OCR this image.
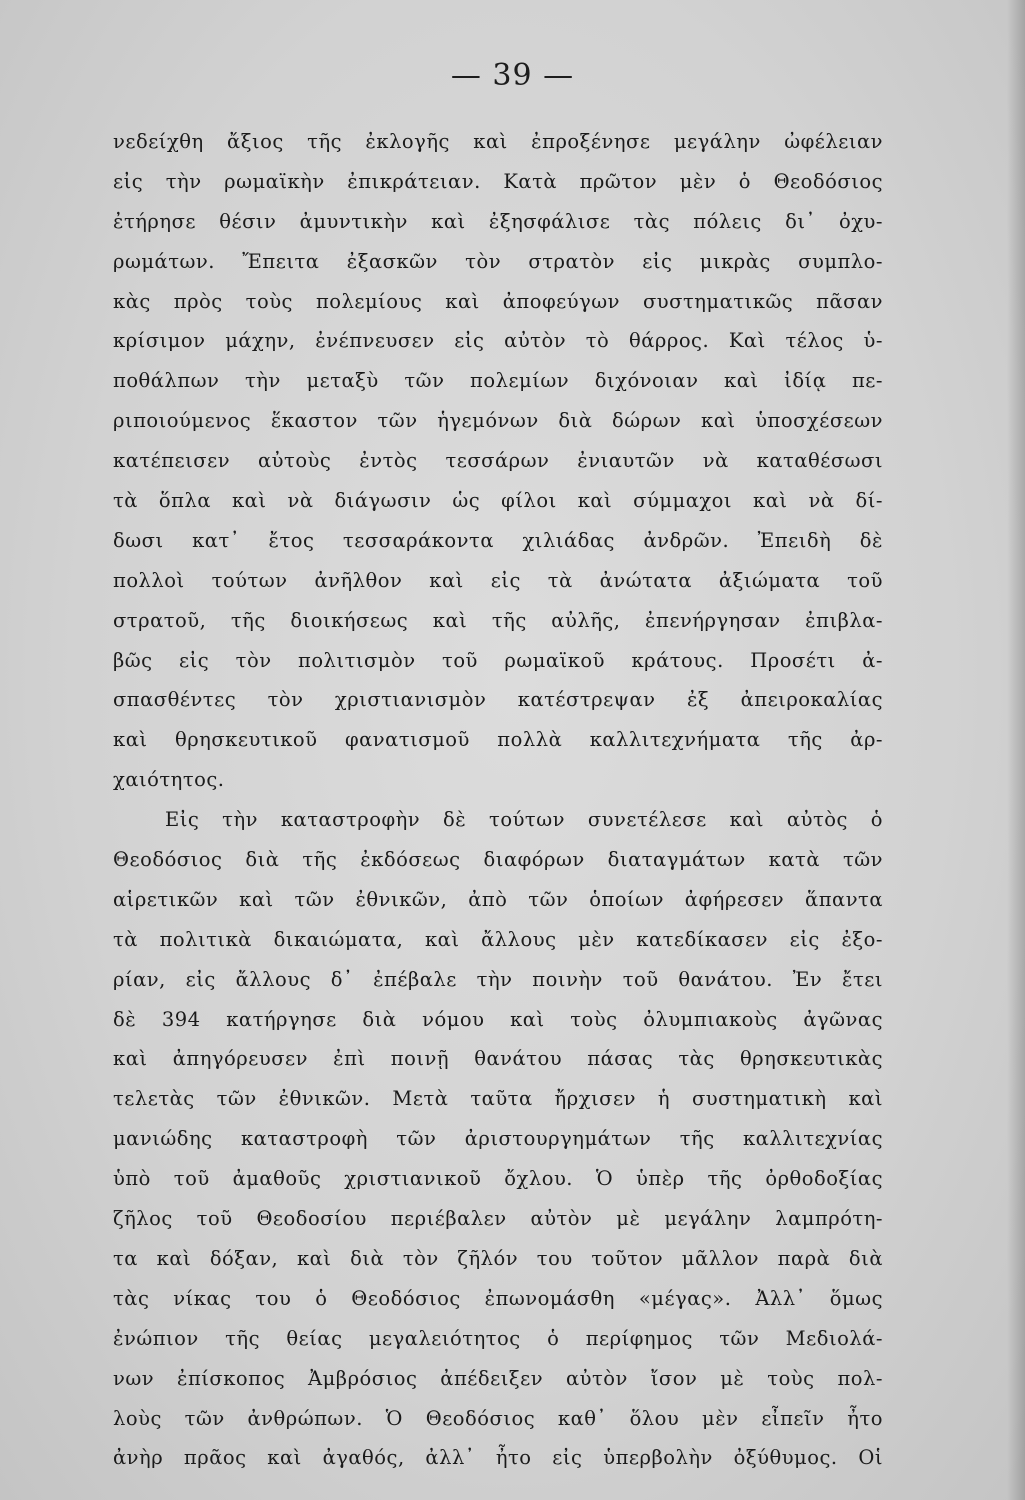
— 39 —
νεδείχθη ἄξιος τῆς ἐκλογῆς καὶ ἐπροξένησε μεγάλην ὠφέλειαν
εἰς τὴν ρωμαϊκὴν ἐπικράτειαν. Κατὰ πρῶτον μὲν ὁ Θεοδόσιος
ἐτήρησε θέσιν ἀμυντικὴν καὶ ἐξησφάλισε τὰς πόλεις δι᾽ ὀχυ-
ρωμάτων. Ἔπειτα ἐξασκῶν τὸν στρατὸν εἰς μικρὰς συμπλο-
κὰς πρὸς τοὺς πολεμίους καὶ ἀποφεύγων συστηματικῶς πᾶσαν
κρίσιμον μάχην, ἐνέπνευσεν εἰς αὐτὸν τὸ θάρρος. Καὶ τέλος ὑ-
ποθάλπων τὴν μεταξὺ τῶν πολεμίων διχόνοιαν καὶ ἰδίᾳ πε-
ριποιούμενος ἕκαστον τῶν ἡγεμόνων διὰ δώρων καὶ ὑποσχέσεων
κατέπεισεν αὐτοὺς ἐντὸς τεσσάρων ἐνιαυτῶν νὰ καταθέσωσι
τὰ ὅπλα καὶ νὰ διάγωσιν ὡς φίλοι καὶ σύμμαχοι καὶ νὰ δί-
δωσι κατ᾽ ἔτος τεσσαράκοντα χιλιάδας ἀνδρῶν. Ἐπειδὴ δὲ
πολλοὶ τούτων ἀνῆλθον καὶ εἰς τὰ ἀνώτατα ἀξιώματα τοῦ
στρατοῦ, τῆς διοικήσεως καὶ τῆς αὐλῆς, ἐπενήργησαν ἐπιβλα-
βῶς εἰς τὸν πολιτισμὸν τοῦ ρωμαϊκοῦ κράτους. Προσέτι ἀ-
σπασθέντες τὸν χριστιανισμὸν κατέστρεψαν ἐξ ἀπειροκαλίας
καὶ θρησκευτικοῦ φανατισμοῦ πολλὰ καλλιτεχνήματα τῆς ἀρ-
χαιότητος.
Εἰς τὴν καταστροφὴν δὲ τούτων συνετέλεσε καὶ αὐτὸς ὁ
Θεοδόσιος διὰ τῆς ἐκδόσεως διαφόρων διαταγμάτων κατὰ τῶν
αἱρετικῶν καὶ τῶν ἐθνικῶν, ἀπὸ τῶν ὁποίων ἀφήρεσεν ἅπαντα
τὰ πολιτικὰ δικαιώματα, καὶ ἄλλους μὲν κατεδίκασεν εἰς ἐξο-
ρίαν, εἰς ἄλλους δ᾽ ἐπέβαλε τὴν ποινὴν τοῦ θανάτου. Ἐν ἔτει
δὲ 394 κατήργησε διὰ νόμου καὶ τοὺς ὀλυμπιακοὺς ἀγῶνας
καὶ ἀπηγόρευσεν ἐπὶ ποινῇ θανάτου πάσας τὰς θρησκευτικὰς
τελετὰς τῶν ἐθνικῶν. Μετὰ ταῦτα ἤρχισεν ἡ συστηματικὴ καὶ
μανιώδης καταστροφὴ τῶν ἀριστουργημάτων τῆς καλλιτεχνίας
ὑπὸ τοῦ ἀμαθοῦς χριστιανικοῦ ὄχλου. Ὁ ὑπὲρ τῆς ὀρθοδοξίας
ζῆλος τοῦ Θεοδοσίου περιέβαλεν αὐτὸν μὲ μεγάλην λαμπρότη-
τα καὶ δόξαν, καὶ διὰ τὸν ζῆλόν του τοῦτον μᾶλλον παρὰ διὰ
τὰς νίκας του ὁ Θεοδόσιος ἐπωνομάσθη «μέγας». Ἀλλ᾽ ὅμως
ἐνώπιον τῆς θείας μεγαλειότητος ὁ περίφημος τῶν Μεδιολά-
νων ἐπίσκοπος Ἀμβρόσιος ἀπέδειξεν αὐτὸν ἴσον μὲ τοὺς πολ-
λοὺς τῶν ἀνθρώπων. Ὁ Θεοδόσιος καθ᾽ ὅλου μὲν εἶπεῖν ἦτο
ἀνὴρ πρᾶος καὶ ἀγαθός, ἀλλ᾽ ἦτο εἰς ὑπερβολὴν ὀξύθυμος. Οἱ
